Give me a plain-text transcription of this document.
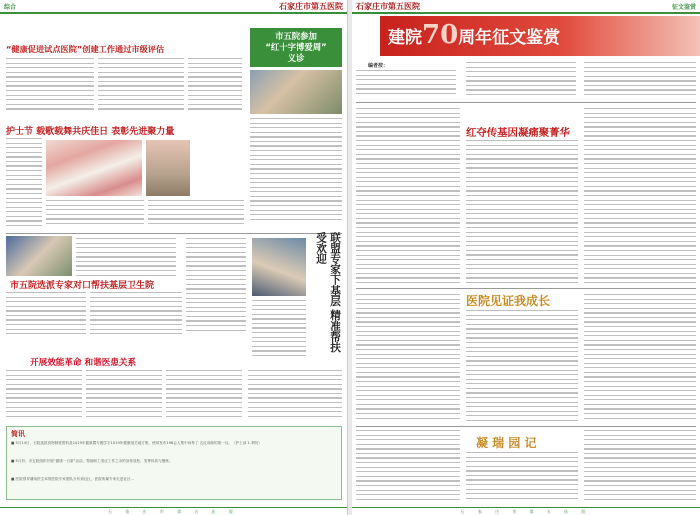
综合	石家庄市第五医院
“健康促进试点医院”创建工作通过市级评估
市五院参加
“红十字博爱周”
义诊
护士节 载歌载舞共庆佳日 表彰先进聚力量
市五院选派专家对口帮扶基层卫生院	联盟专家下基层 精准帮扶受欢迎
开展效能革命 和谐医患关系
简讯
■ 5月14日，石院选拔食物制度资料及1019年健康暨专题学字1019年健康组关地方集，使用发布198会人集中向每了 名红戏师的第一目。（护士部 1.李院）
■ 5月份，市五院组织开展“健康一日游”活动，帮助职工适应工作之余的身体放松，发挥体质与锻炼。
■ 医院领导蒲雨医生率领医院专家团队分布到社区，医院所属专家走进社区...
石 家 庄 市 第 五 医 院
石家庄市第五医院	征文鉴赏
建院70周年征文鉴赏
编者按：
红夺传基因凝痛聚菁华
医院见证我成长
凝 瑞 园 记
石 家 庄 市 第 五 医 院
